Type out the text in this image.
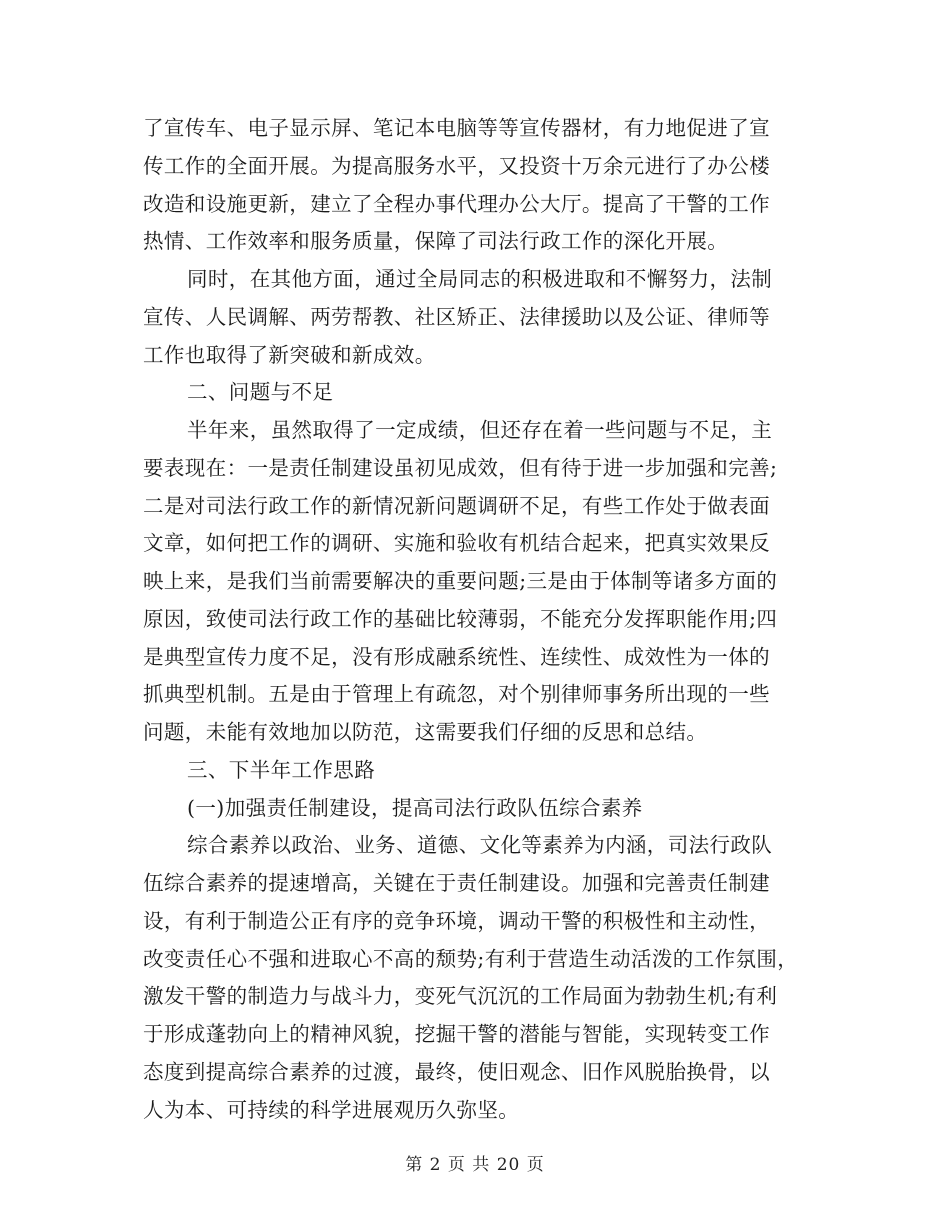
了宣传车、电子显示屏、笔记本电脑等等宣传器材，有力地促进了宣
传工作的全面开展。为提高服务水平，又投资十万余元进行了办公楼
改造和设施更新，建立了全程办事代理办公大厅。提高了干警的工作
热情、工作效率和服务质量，保障了司法行政工作的深化开展。
同时，在其他方面，通过全局同志的积极进取和不懈努力，法制
宣传、人民调解、两劳帮教、社区矫正、法律援助以及公证、律师等
工作也取得了新突破和新成效。
二、问题与不足
半年来，虽然取得了一定成绩，但还存在着一些问题与不足，主
要表现在：一是责任制建设虽初见成效，但有待于进一步加强和完善;
二是对司法行政工作的新情况新问题调研不足，有些工作处于做表面
文章，如何把工作的调研、实施和验收有机结合起来，把真实效果反
映上来，是我们当前需要解决的重要问题;三是由于体制等诸多方面的
原因，致使司法行政工作的基础比较薄弱，不能充分发挥职能作用;四
是典型宣传力度不足，没有形成融系统性、连续性、成效性为一体的
抓典型机制。五是由于管理上有疏忽，对个别律师事务所出现的一些
问题，未能有效地加以防范，这需要我们仔细的反思和总结。
三、下半年工作思路
(一)加强责任制建设，提高司法行政队伍综合素养
综合素养以政治、业务、道德、文化等素养为内涵，司法行政队
伍综合素养的提速增高，关键在于责任制建设。加强和完善责任制建
设，有利于制造公正有序的竞争环境，调动干警的积极性和主动性，
改变责任心不强和进取心不高的颓势;有利于营造生动活泼的工作氛围，
激发干警的制造力与战斗力，变死气沉沉的工作局面为勃勃生机;有利
于形成蓬勃向上的精神风貌，挖掘干警的潜能与智能，实现转变工作
态度到提高综合素养的过渡，最终，使旧观念、旧作风脱胎换骨，以
人为本、可持续的科学进展观历久弥坚。
第 2 页 共 20 页
